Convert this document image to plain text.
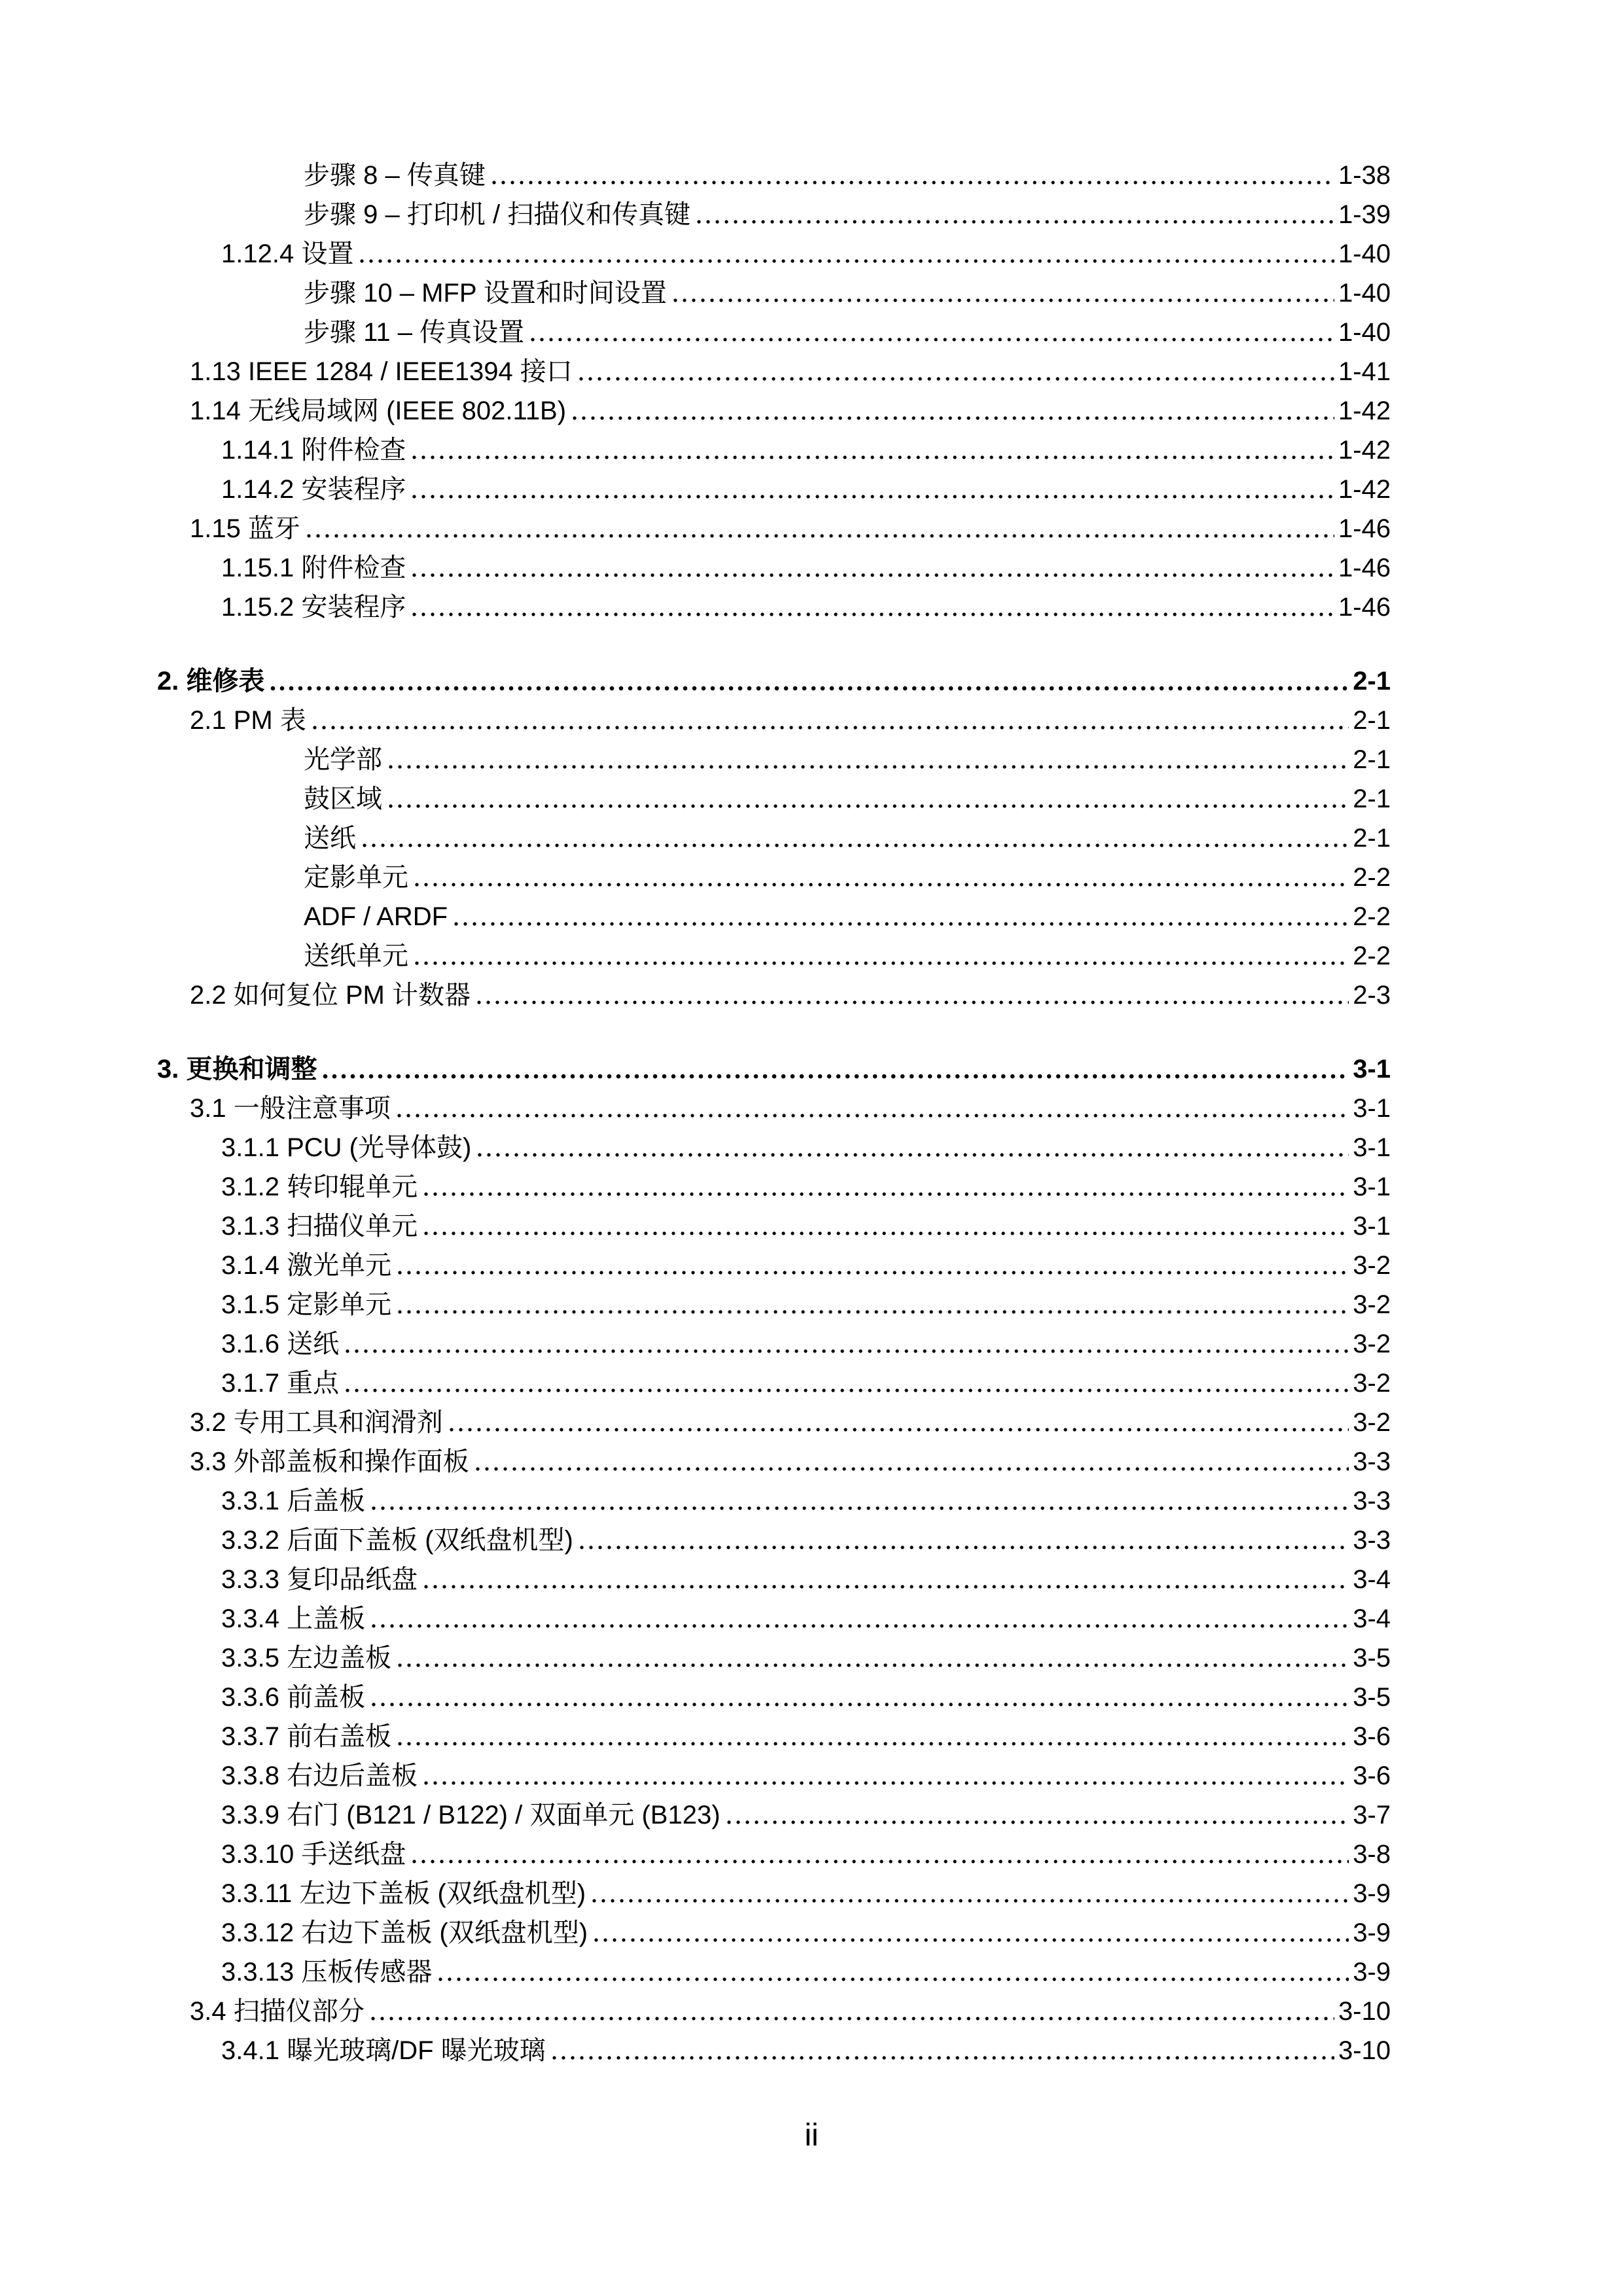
步骤 8 – 传真键	1-38
步骤 9 – 打印机 / 扫描仪和传真键	1-39
1.12.4 设置	1-40
步骤 10 – MFP 设置和时间设置	1-40
步骤 11 – 传真设置	1-40
1.13 IEEE 1284 / IEEE1394 接口	1-41
1.14 无线局域网 (IEEE 802.11B)	1-42
1.14.1 附件检查	1-42
1.14.2 安装程序	1-42
1.15 蓝牙	1-46
1.15.1 附件检查	1-46
1.15.2 安装程序	1-46
2. 维修表	2-1
2.1 PM 表	2-1
光学部	2-1
鼓区域	2-1
送纸	2-1
定影单元	2-2
ADF / ARDF	2-2
送纸单元	2-2
2.2 如何复位 PM 计数器	2-3
3. 更换和调整	3-1
3.1 一般注意事项	3-1
3.1.1 PCU (光导体鼓)	3-1
3.1.2 转印辊单元	3-1
3.1.3 扫描仪单元	3-1
3.1.4 激光单元	3-2
3.1.5 定影单元	3-2
3.1.6 送纸	3-2
3.1.7 重点	3-2
3.2 专用工具和润滑剂	3-2
3.3 外部盖板和操作面板	3-3
3.3.1 后盖板	3-3
3.3.2 后面下盖板 (双纸盘机型)	3-3
3.3.3 复印品纸盘	3-4
3.3.4 上盖板	3-4
3.3.5 左边盖板	3-5
3.3.6 前盖板	3-5
3.3.7 前右盖板	3-6
3.3.8 右边后盖板	3-6
3.3.9 右门 (B121 / B122) / 双面单元 (B123)	3-7
3.3.10 手送纸盘	3-8
3.3.11 左边下盖板 (双纸盘机型)	3-9
3.3.12 右边下盖板 (双纸盘机型)	3-9
3.3.13 压板传感器	3-9
3.4 扫描仪部分	3-10
3.4.1 曝光玻璃/DF 曝光玻璃	3-10
ii
